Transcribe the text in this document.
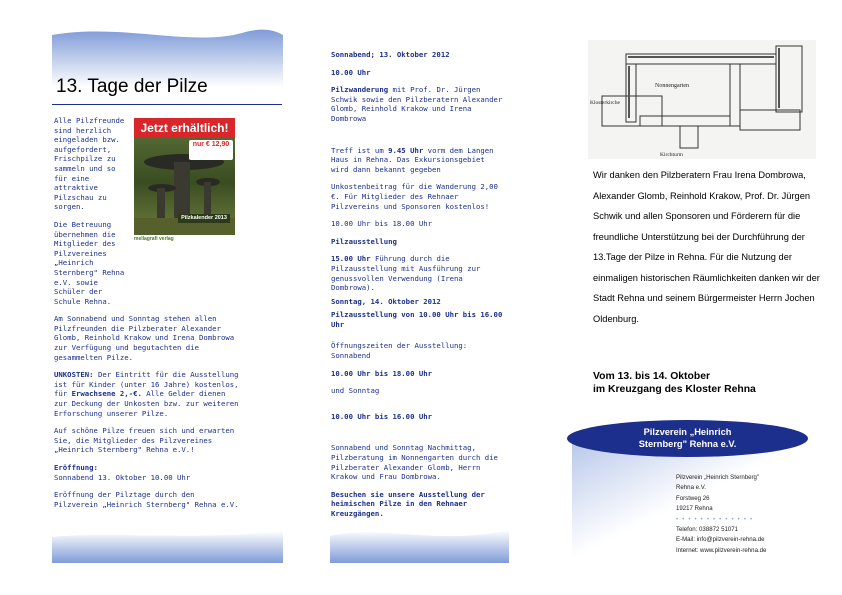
13. Tage der Pilze
Alle Pilzfreunde sind herzlich eingeladen bzw. aufgefordert, Frischpilze zu sammeln und so für eine attraktive Pilzschau zu sorgen.
Die Betreuung übernehmen die Mitglieder des Pilzvereines „Heinrich Sternberg" Rehna e.V. sowie Schüler der Schule Rehna.
Am Sonnabend und Sonntag stehen allen Pilzfreunden die Pilzberater Alexander Glomb, Reinhold Krakow und Irena Dombrowa zur Verfügung und begutachten die gesammelten Pilze.
UNKOSTEN: Der Eintritt für die Ausstellung ist für Kinder (unter 16 Jahre) kostenlos, für Erwachsene 2,-€. Alle Gelder dienen zur Deckung der Unkosten bzw. zur weiteren Erforschung unserer Pilze.
Auf schöne Pilze freuen sich und erwarten Sie, die Mitglieder des Pilzvereines „Heinrich Sternberg" Rehna e.V.!
Eröffnung:
Sonnabend 13. Oktober 10.00 Uhr
Eröffnung der Pilztage durch den Pilzverein „Heinrich Sternberg" Rehna e.V.
Jetzt erhältlich!
nur € 12,90
Pilzkalender 2013
mellagrafi verlag
Sonnabend; 13. Oktober 2012
10.00 Uhr
Pilzwanderung mit Prof. Dr. Jürgen Schwik sowie den Pilzberatern Alexander Glomb, Reinhold Krakow und Irena Dombrowa
Treff ist um 9.45 Uhr vorm dem Langen Haus in Rehna. Das Exkursionsgebiet wird dann bekannt gegeben
Unkostenbeitrag für die Wanderung 2,00 €. Für Mitglieder des Rehnaer Pilzvereins und Sponsoren kostenlos!
10.00 Uhr bis 18.00 Uhr
Pilzausstellung
15.00 Uhr Führung durch die Pilzausstellung mit Ausführung zur genussvollen Verwendung (Irena Dombrowa).
Sonntag, 14. Oktober 2012
Pilzausstellung von 10.00 Uhr bis 16.00 Uhr
Öffnungszeiten der Ausstellung: Sonnabend
10.00 Uhr bis 18.00 Uhr
und Sonntag
10.00 Uhr bis 16.00 Uhr
Sonnabend und Sonntag Nachmittag, Pilzberatung im Nonnengarten durch die Pilzberater Alexander Glomb, Herrn Krakow und Frau Dombrowa.
Besuchen sie unsere Ausstellung der heimischen Pilze in den Rehnaer Kreuzgängen.
Nonnengarten
Klosterkirche
Kirchturm
Wir danken den Pilzberatern Frau Irena Dombrowa, Alexander Glomb, Reinhold Krakow, Prof. Dr. Jürgen Schwik und allen Sponsoren und Förderern für die freundliche Unterstützung bei der Durchführung der 13.Tage der Pilze in Rehna. Für die Nutzung der einmaligen historischen Räumlichkeiten danken wir der Stadt Rehna und seinem Bürgermeister Herrn Jochen Oldenburg.
Vom 13. bis 14. Oktober
im Kreuzgang des Kloster Rehna
Pilzverein „Heinrich
Sternberg" Rehna e.V.
Pilzverein „Heinrich Sternberg"
Rehna e.V.
Forstweg 26
19217 Rehna
• • • • • • • • • • • • •
Telefon: 038872 51071
E-Mail: info@pilzverein-rehna.de
Internet: www.pilzverein-rehna.de
